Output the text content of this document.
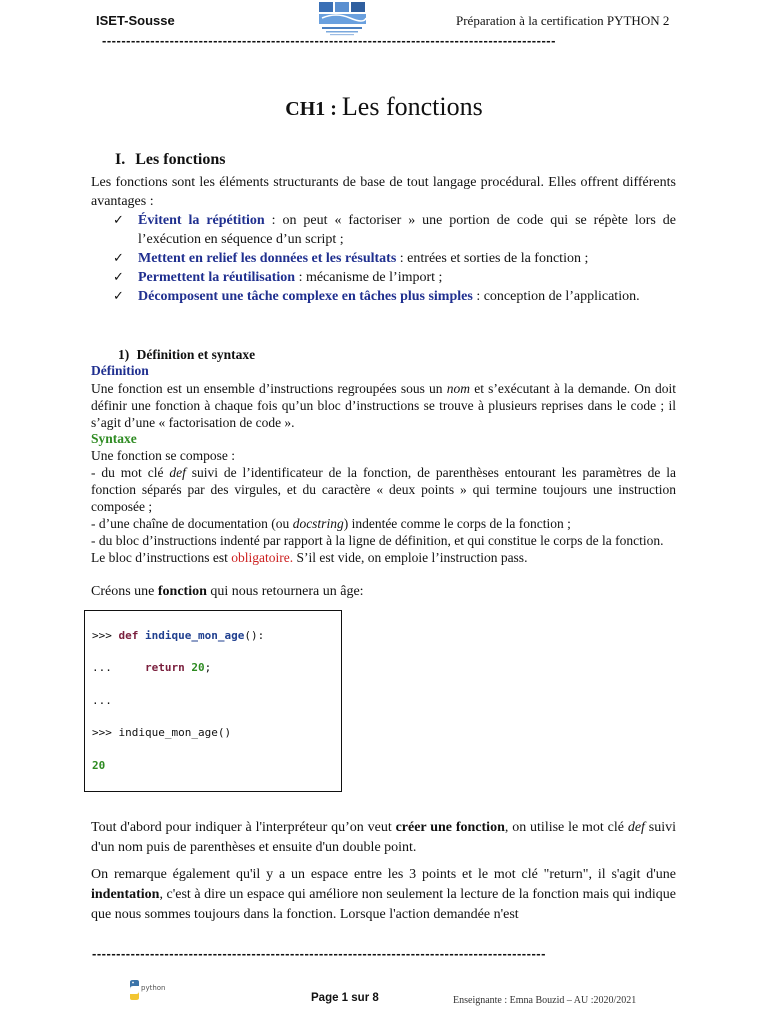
ISET-Sousse	Préparation à la certification PYTHON 2
----------------------------------------------------------------------------------------------
CH1 : Les fonctions
I. Les fonctions
Les fonctions sont les éléments structurants de base de tout langage procédural. Elles offrent différents avantages :
✓ Évitent la répétition : on peut « factoriser » une portion de code qui se répète lors de l’exécution en séquence d’un script ;
✓ Mettent en relief les données et les résultats : entrées et sorties de la fonction ;
✓ Permettent la réutilisation : mécanisme de l’import ;
✓ Décomposent une tâche complexe en tâches plus simples : conception de l’application.
1) Définition et syntaxe
Définition
Une fonction est un ensemble d’instructions regroupées sous un nom et s’exécutant à la demande. On doit définir une fonction à chaque fois qu’un bloc d’instructions se trouve à plusieurs reprises dans le code ; il s’agit d’une « factorisation de code ».
Syntaxe
Une fonction se compose :
- du mot clé def suivi de l’identificateur de la fonction, de parenthèses entourant les paramètres de la fonction séparés par des virgules, et du caractère « deux points » qui termine toujours une instruction composée ;
- d’une chaîne de documentation (ou docstring) indentée comme le corps de la fonction ;
- du bloc d’instructions indenté par rapport à la ligne de définition, et qui constitue le corps de la fonction.
Le bloc d’instructions est obligatoire. S’il est vide, on emploie l’instruction pass.
Créons une fonction qui nous retournera un âge:
>>> def indique_mon_age():
...     return 20;
...
>>> indique_mon_age()
20
Tout d'abord pour indiquer à l'interpréteur qu’on veut créer une fonction, on utilise le mot clé def suivi d'un nom puis de parenthèses et ensuite d'un double point.
On remarque également qu'il y a un espace entre les 3 points et le mot clé "return", il s'agit d'une indentation, c'est à dire un espace qui améliore non seulement la lecture de la fonction mais qui indique que nous sommes toujours dans la fonction. Lorsque l'action demandée n'est
----------------------------------------------------------------------------------------------
python
Page 1 sur 8	Enseignante : Emna Bouzid – AU :2020/2021
